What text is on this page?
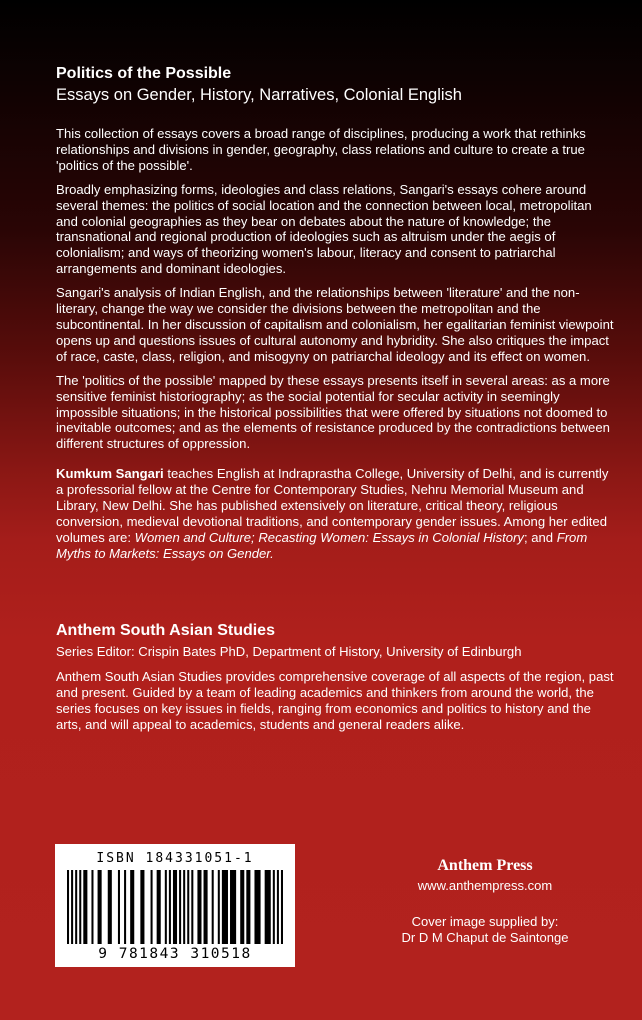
Politics of the Possible
Essays on Gender, History, Narratives, Colonial English

This collection of essays covers a broad range of disciplines, producing a work that rethinks relationships and divisions in gender, geography, class relations and culture to create a true 'politics of the possible'.

Broadly emphasizing forms, ideologies and class relations, Sangari's essays cohere around several themes: the politics of social location and the connection between local, metropolitan and colonial geographies as they bear on debates about the nature of knowledge; the transnational and regional production of ideologies such as altruism under the aegis of colonialism; and ways of theorizing women's labour, literacy and consent to patriarchal arrangements and dominant ideologies.

Sangari's analysis of Indian English, and the relationships between 'literature' and the non-literary, change the way we consider the divisions between the metropolitan and the subcontinental. In her discussion of capitalism and colonialism, her egalitarian feminist viewpoint opens up and questions issues of cultural autonomy and hybridity. She also critiques the impact of race, caste, class, religion, and misogyny on patriarchal ideology and its effect on women.

The 'politics of the possible' mapped by these essays presents itself in several areas: as a more sensitive feminist historiography; as the social potential for secular activity in seemingly impossible situations; in the historical possibilities that were offered by situations not doomed to inevitable outcomes; and as the elements of resistance produced by the contradictions between different structures of oppression.

Kumkum Sangari teaches English at Indraprastha College, University of Delhi, and is currently a professorial fellow at the Centre for Contemporary Studies, Nehru Memorial Museum and Library, New Delhi. She has published extensively on literature, critical theory, religious conversion, medieval devotional traditions, and contemporary gender issues. Among her edited volumes are: Women and Culture; Recasting Women: Essays in Colonial History; and From Myths to Markets: Essays on Gender.

Anthem South Asian Studies
Series Editor: Crispin Bates PhD, Department of History, University of Edinburgh
Anthem South Asian Studies provides comprehensive coverage of all aspects of the region, past and present. Guided by a team of leading academics and thinkers from around the world, the series focuses on key issues in fields, ranging from economics and politics to history and the arts, and will appeal to academics, students and general readers alike.
ISBN 184331051-1
9 781843 310518
Anthem Press
www.anthempress.com
Cover image supplied by:
Dr D M Chaput de Saintonge
